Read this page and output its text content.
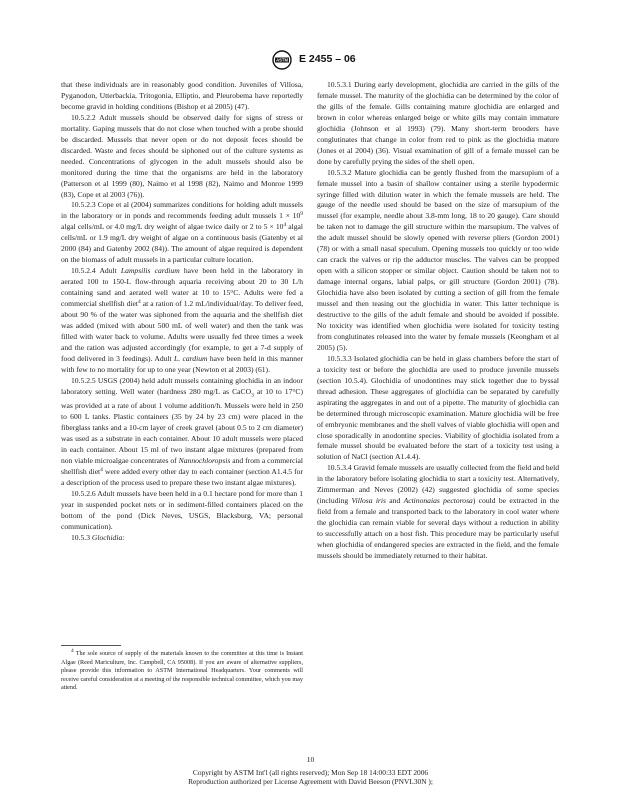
ASTM E 2455 – 06

that these individuals are in reasonably good condition. Juveniles of Villosa, Pyganodon, Utterbackia, Tritogonia, Elliptio, and Pleurobema have reportedly become gravid in holding conditions (Bishop et al 2005) (47).

10.5.2.2 Adult mussels should be observed daily for signs of stress or mortality. Gaping mussels that do not close when touched with a probe should be discarded. Mussels that never open or do not deposit feces should be discarded. Waste and feces should be siphoned out of the culture systems as needed. Concentrations of glycogen in the adult mussels should also be monitored during the time that the organisms are held in the laboratory (Patterson et al 1999 (80), Naimo et al 1998 (82), Naimo and Monroe 1999 (83), Cope et al 2003 (76)).

10.5.2.3 Cope et al (2004) summarizes conditions for holding adult mussels in the laboratory or in ponds and recommends feeding adult mussels $1 \times 10^9$ algal cells/mL or 4.0 mg/L dry weight of algae twice daily or 2 to $5 \times 10^4$ algal cells/mL or 1.9 mg/L dry weight of algae on a continuous basis (Gatenby et al 2000 (84) and Gatenby 2002 (84)). The amount of algae required is dependent on the biomass of adult mussels in a particular culture location.

10.5.2.4 Adult Lampsilis cardium have been held in the laboratory in aerated 100 to 150-L flow-through aquaria receiving about 20 to 30 L/h containing sand and aerated well water at 10 to 15°C. Adults were fed a commercial shellfish diet$^4$ at a ration of 1.2 mL/individual/day. To deliver feed, about 90 % of the water was siphoned from the aquaria and the shellfish diet was added (mixed with about 500 mL of well water) and then the tank was filled with water back to volume. Adults were usually fed three times a week and the ration was adjusted accordingly (for example, to get a 7-d supply of food delivered in 3 feedings). Adult L. cardium have been held in this manner with few to no mortality for up to one year (Newton et al 2003) (61).

10.5.2.5 USGS (2004) held adult mussels containing glochidia in an indoor laboratory setting. Well water (hardness 280 mg/L as CaCO$_3$ at 10 to 17°C) was provided at a rate of about 1 volume addition/h. Mussels were held in 250 to 600 L tanks. Plastic containers (35 by 24 by 23 cm) were placed in the fiberglass tanks and a 10-cm layer of creek gravel (about 0.5 to 2 cm diameter) was used as a substrate in each container. About 10 adult mussels were placed in each container. About 15 ml of two instant algae mixtures (prepared from non viable microalgae concentrates of Nannochloropsis and from a commercial shellfish diet$^4$ were added every other day to each container (section A1.4.5 for a description of the process used to prepare these two instant algae mixtures).

10.5.2.6 Adult mussels have been held in a 0.1 hectare pond for more than 1 year in suspended pocket nets or in sediment-filled containers placed on the bottom of the pond (Dick Neves, USGS, Blacksburg, VA; personal communication).

10.5.3 Glochidia:

$^4$ The sole source of supply of the materials known to the committee at this time is Instant Algae (Reed Mariculture, Inc. Campbell, CA 95008). If you are aware of alternative suppliers, please provide this information to ASTM International Headquarters. Your comments will receive careful consideration at a meeting of the responsible technical committee, which you may attend.

10.5.3.1 During early development, glochidia are carried in the gills of the female mussel. The maturity of the glochidia can be determined by the color of the gills of the female. Gills containing mature glochidia are enlarged and brown in color whereas enlarged beige or white gills may contain immature glochidia (Johnson et al 1993) (79). Many short-term brooders have conglutinates that change in color from red to pink as the glochidia mature (Jones et al 2004) (36). Visual examination of gill of a female mussel can be done by carefully prying the sides of the shell open.

10.5.3.2 Mature glochidia can be gently flushed from the marsupium of a female mussel into a basin of shallow container using a sterile hypodermic syringe filled with dilution water in which the female mussels are held. The gauge of the needle used should be based on the size of marsupium of the mussel (for example, needle about 3.8-mm long, 18 to 20 gauge). Care should be taken not to damage the gill structure within the marsupium. The valves of the adult mussel should be slowly opened with reverse pliers (Gordon 2001) (78) or with a small nasal speculum. Opening mussels too quickly or too wide can crack the valves or rip the adductor muscles. The valves can be propped open with a silicon stopper or similar object. Caution should be taken not to damage internal organs, labial palps, or gill structure (Gordon 2001) (78). Glochidia have also been isolated by cutting a section of gill from the female mussel and then teasing out the glochidia in water. This latter technique is destructive to the gills of the adult female and should be avoided if possible. No toxicity was identified when glochidia were isolated for toxicity testing from conglutinates released into the water by female mussels (Keongham et al 2005) (5).

10.5.3.3 Isolated glochidia can be held in glass chambers before the start of a toxicity test or before the glochidia are used to produce juvenile mussels (section 10.5.4). Glochidia of unodontines may stick together due to byssal thread adhesion. These aggregates of glochidia can be separated by carefully aspirating the aggregates in and out of a pipette. The maturity of glochidia can be determined through microscopic examination. Mature glochidia will be free of embryonic membranes and the shell valves of viable glochidia will open and close sporadically in anodontine species. Viability of glochidia isolated from a female mussel should be evaluated before the start of a toxicity test using a solution of NaCl (section A1.4.4).

10.5.3.4 Gravid female mussels are usually collected from the field and held in the laboratory before isolating glochidia to start a toxicity test. Alternatively, Zimmerman and Neves (2002) (42) suggested glochidia of some species (including Villosa iris and Actinonaias pectorosa) could be extracted in the field from a female and transported back to the laboratory in cool water where the glochidia can remain viable for several days without a reduction in ability to successfully attach on a host fish. This procedure may be particularly useful when glochidia of endangered species are extracted in the field, and the female mussels should be immediately returned to their habitat.

10
Copyright by ASTM Int'l (all rights reserved); Mon Sep 18 14:00:33 EDT 2006
Reproduction authorized per License Agreement with David Beeson (PNVL30N );
